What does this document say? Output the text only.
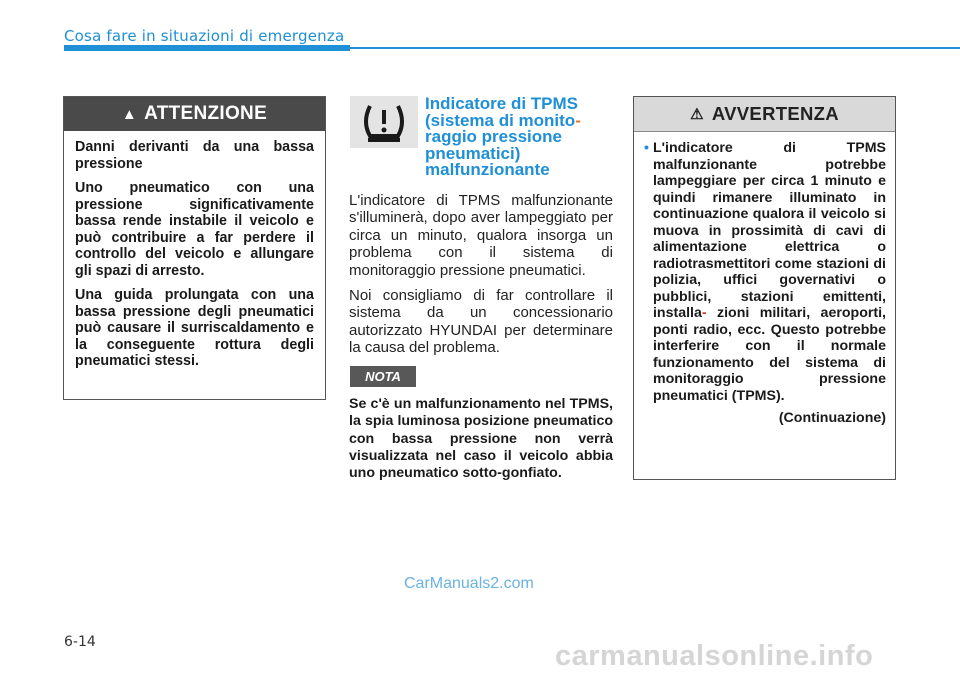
Cosa fare in situazioni di emergenza
▲ ATTENZIONE

Danni derivanti da una bassa pressione

Uno pneumatico con una pressione significativamente bassa rende instabile il veicolo e può contribuire a far perdere il controllo del veicolo e allungare gli spazi di arresto.

Una guida prolungata con una bassa pressione degli pneumatici può causare il surriscaldamento e la conseguente rottura degli pneumatici stessi.

Indicatore di TPMS
(sistema di monito-
raggio pressione
pneumatici)
malfunzionante

L'indicatore di TPMS malfunzionante s'illuminerà, dopo aver lampeggiato per circa un minuto, qualora insorga un problema con il sistema di monitoraggio pressione pneumatici.

Noi consigliamo di far controllare il sistema da un concessionario autorizzato HYUNDAI per determinare la causa del problema.

NOTA
Se c'è un malfunzionamento nel TPMS, la spia luminosa posizione pneumatico con bassa pressione non verrà visualizzata nel caso il veicolo abbia uno pneumatico sotto-gonfiato.
⚠ AVVERTENZA
• L'indicatore di TPMS malfunzionante potrebbe lampeggiare per circa 1 minuto e quindi rimanere illuminato in continuazione qualora il veicolo si muova in prossimità di cavi di alimentazione elettrica o radiotrasmettitori come stazioni di polizia, uffici governativi o pubblici, stazioni emittenti, installa- zioni militari, aeroporti, ponti radio, ecc. Questo potrebbe interferire con il normale funzionamento del sistema di monitoraggio pressione pneumatici (TPMS).
(Continuazione)
CarManuals2.com
6-14	carmanualsonline.info
